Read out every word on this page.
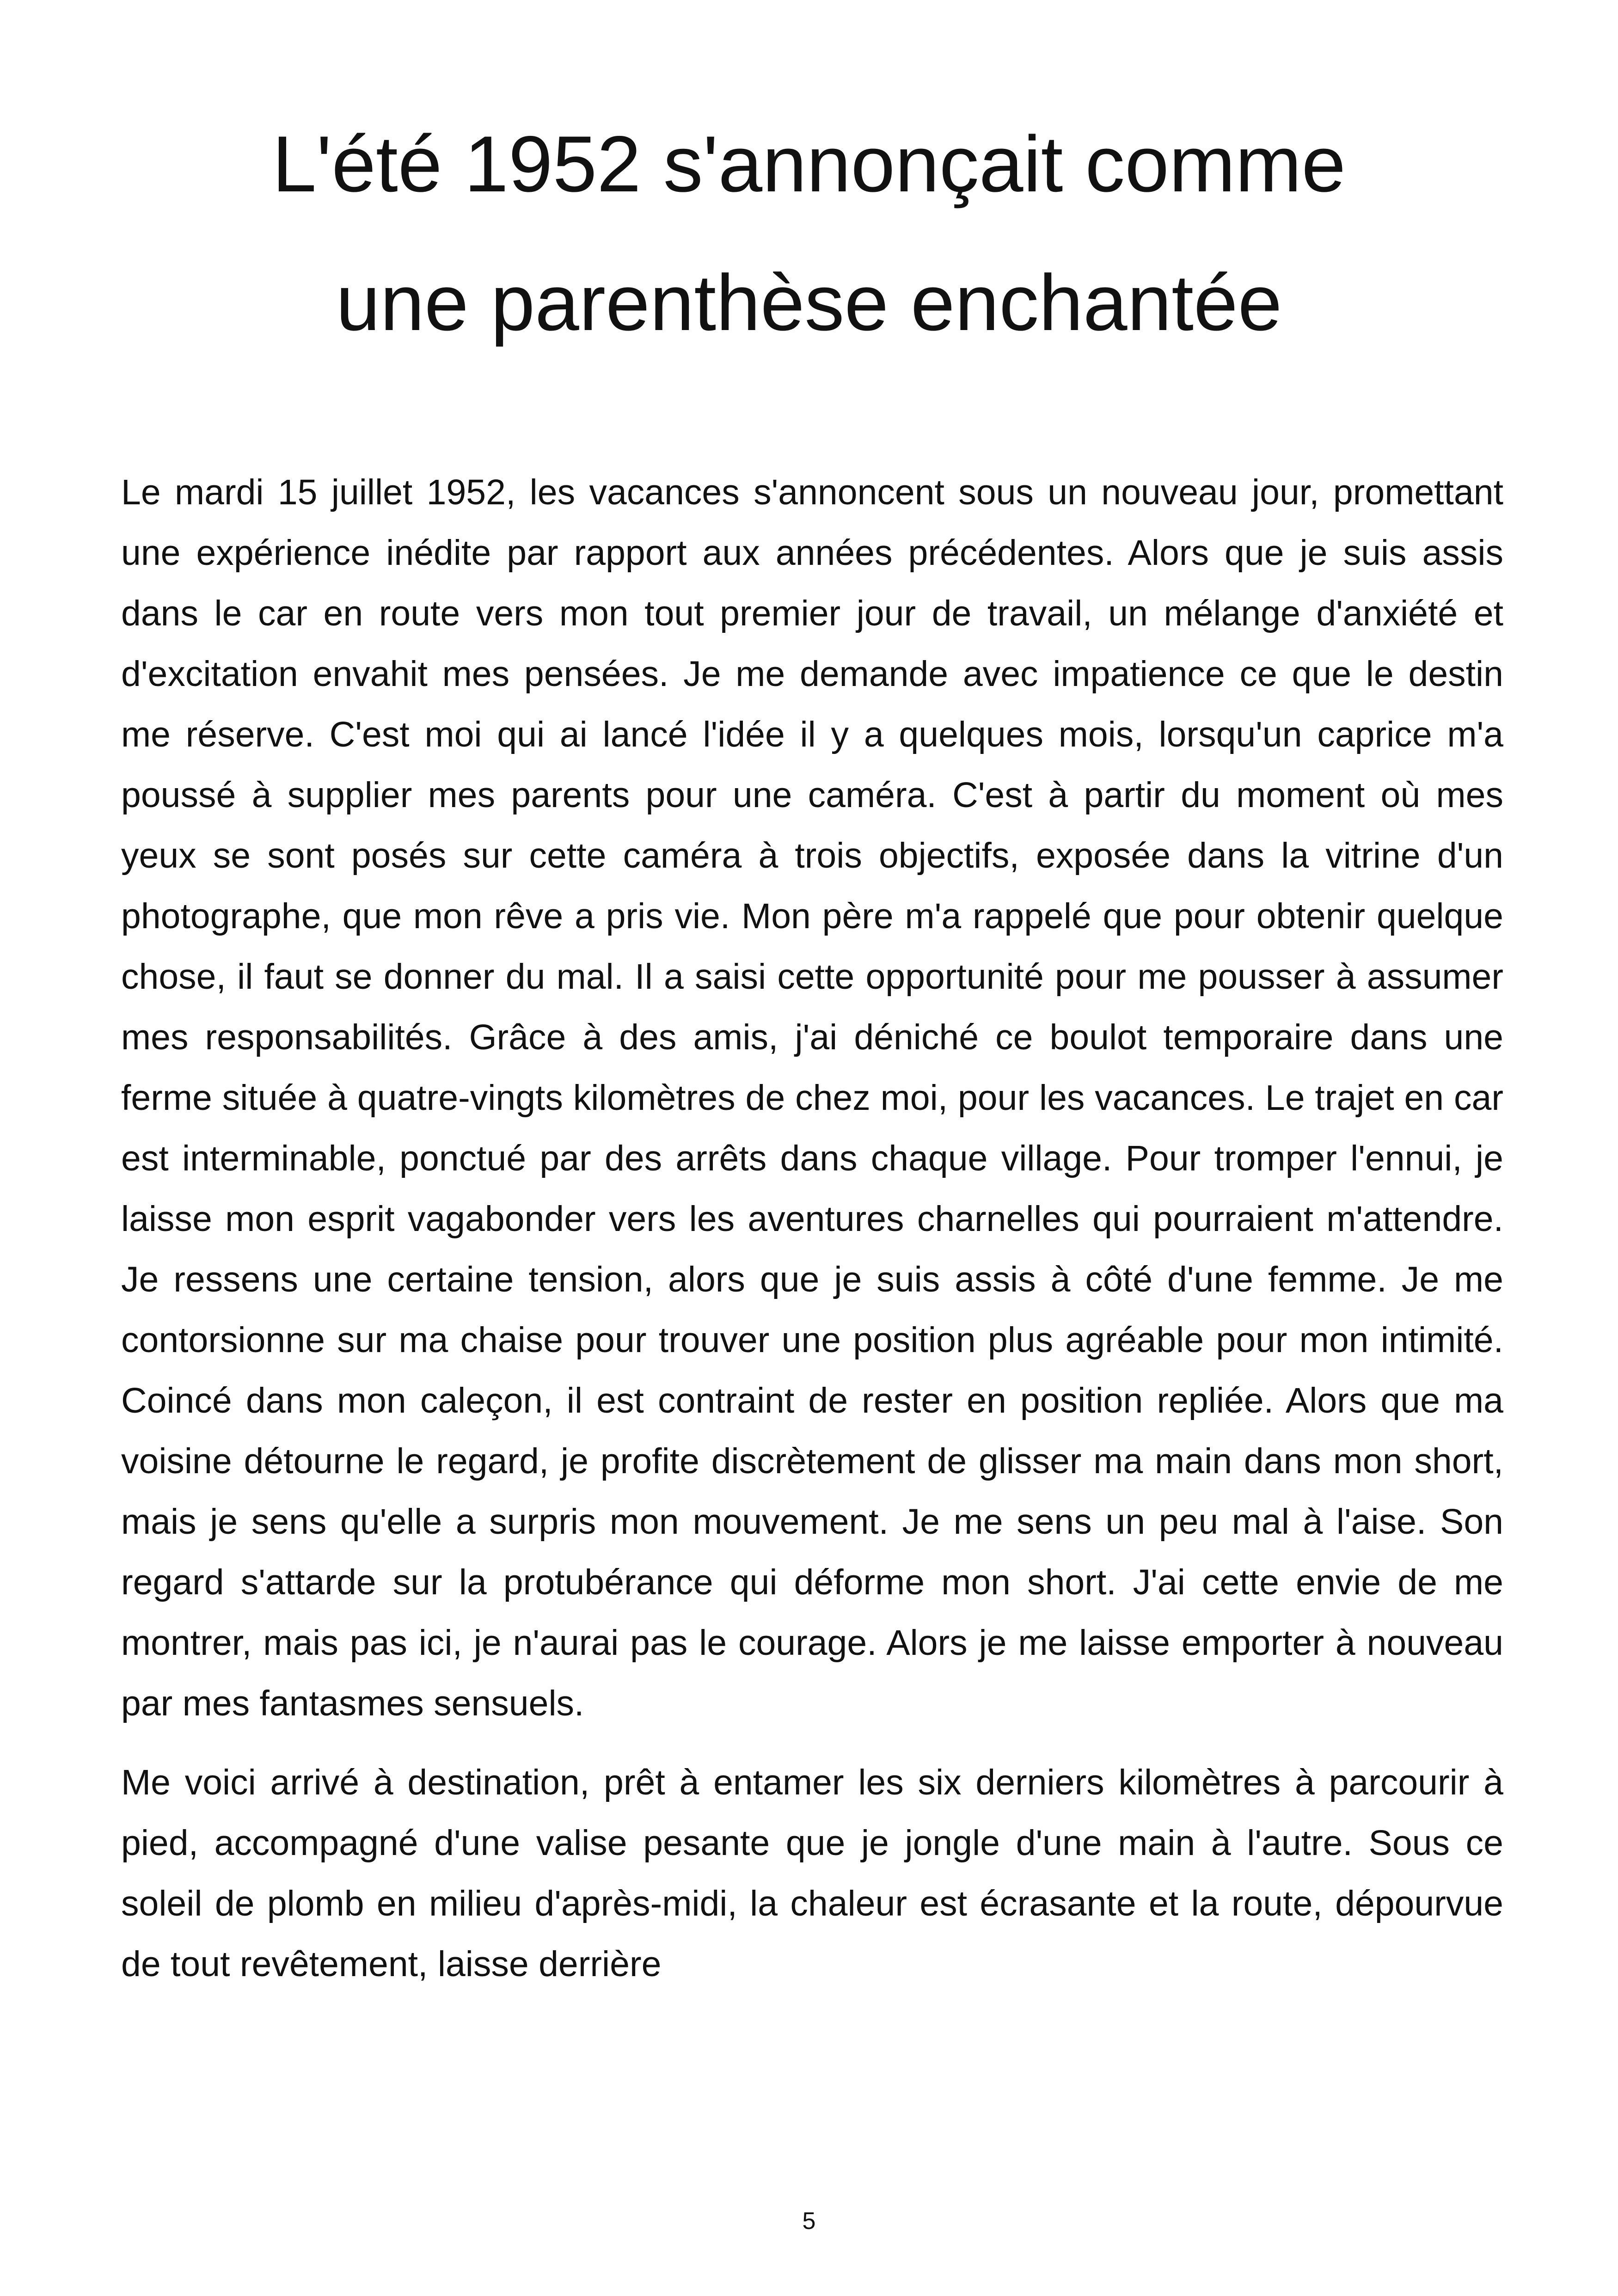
L'été 1952 s'annonçait comme
une parenthèse enchantée

Le mardi 15 juillet 1952, les vacances s'annoncent sous un nouveau jour, promettant une expérience inédite par rapport aux années précédentes. Alors que je suis assis dans le car en route vers mon tout premier jour de travail, un mélange d'anxiété et d'excitation envahit mes pensées. Je me demande avec impatience ce que le destin me réserve. C'est moi qui ai lancé l'idée il y a quelques mois, lorsqu'un caprice m'a poussé à supplier mes parents pour une caméra. C'est à partir du moment où mes yeux se sont posés sur cette caméra à trois objectifs, exposée dans la vitrine d'un photographe, que mon rêve a pris vie. Mon père m'a rappelé que pour obtenir quelque chose, il faut se donner du mal. Il a saisi cette opportunité pour me pousser à assumer mes responsabilités. Grâce à des amis, j'ai déniché ce boulot temporaire dans une ferme située à quatre-vingts kilomètres de chez moi, pour les vacances. Le trajet en car est interminable, ponctué par des arrêts dans chaque village. Pour tromper l'ennui, je laisse mon esprit vagabonder vers les aventures charnelles qui pourraient m'attendre. Je ressens une certaine tension, alors que je suis assis à côté d'une femme. Je me contorsionne sur ma chaise pour trouver une position plus agréable pour mon intimité. Coincé dans mon caleçon, il est contraint de rester en position repliée. Alors que ma voisine détourne le regard, je profite discrètement de glisser ma main dans mon short, mais je sens qu'elle a surpris mon mouvement. Je me sens un peu mal à l'aise. Son regard s'attarde sur la protubérance qui déforme mon short. J'ai cette envie de me montrer, mais pas ici, je n'aurai pas le courage. Alors je me laisse emporter à nouveau par mes fantasmes sensuels.

Me voici arrivé à destination, prêt à entamer les six derniers kilomètres à parcourir à pied, accompagné d'une valise pesante que je jongle d'une main à l'autre. Sous ce soleil de plomb en milieu d'après-midi, la chaleur est écrasante et la route, dépourvue de tout revêtement, laisse derrière

5
